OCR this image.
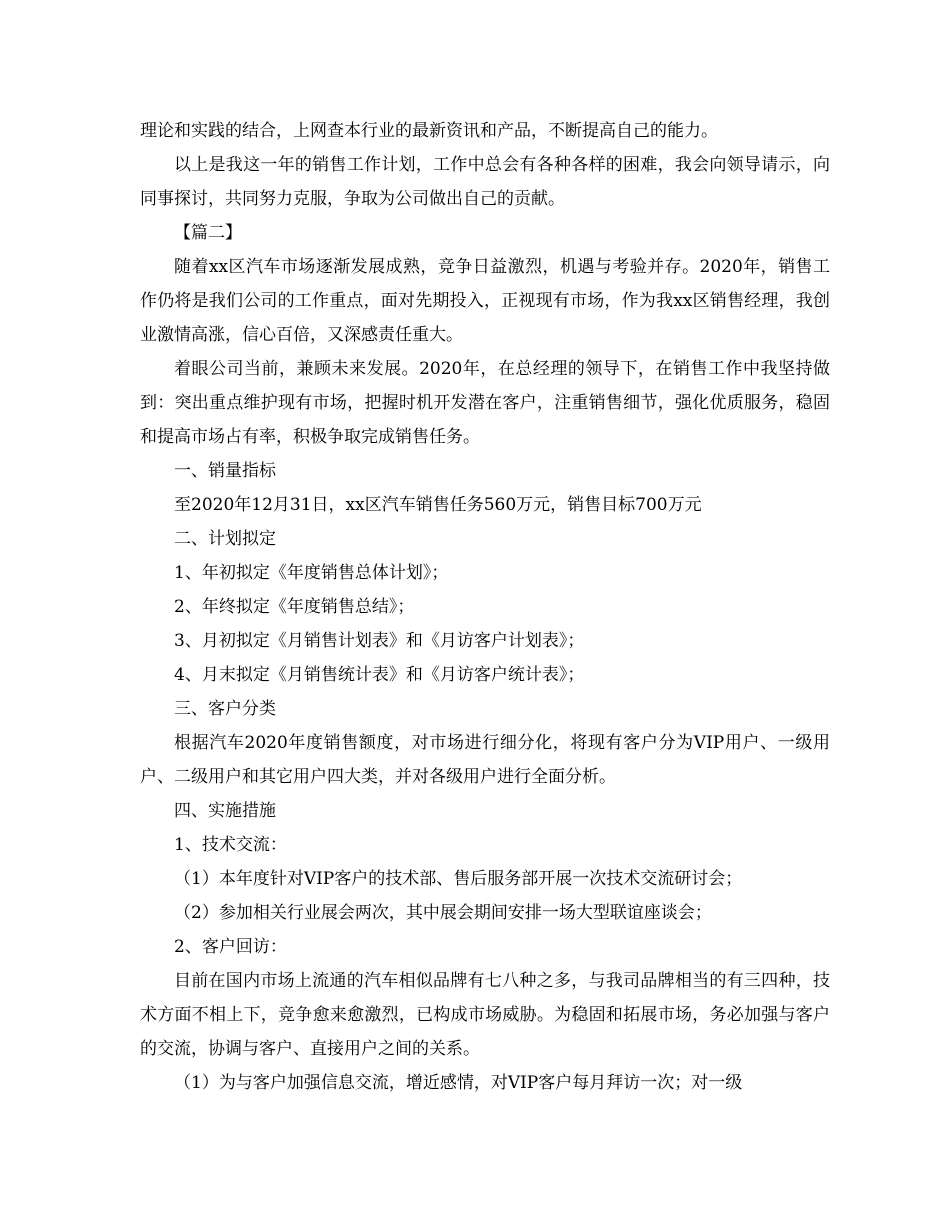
理论和实践的结合，上网查本行业的最新资讯和产品，不断提高自己的能力。

以上是我这一年的销售工作计划，工作中总会有各种各样的困难，我会向领导请示，向同事探讨，共同努力克服，争取为公司做出自己的贡献。

【篇二】

随着xx区汽车市场逐渐发展成熟，竞争日益激烈，机遇与考验并存。2020年，销售工作仍将是我们公司的工作重点，面对先期投入，正视现有市场，作为我xx区销售经理，我创业激情高涨，信心百倍，又深感责任重大。

着眼公司当前，兼顾未来发展。2020年，在总经理的领导下，在销售工作中我坚持做到：突出重点维护现有市场，把握时机开发潜在客户，注重销售细节，强化优质服务，稳固和提高市场占有率，积极争取完成销售任务。

一、销量指标

至2020年12月31日，xx区汽车销售任务560万元，销售目标700万元

二、计划拟定

1、年初拟定《年度销售总体计划》；

2、年终拟定《年度销售总结》；

3、月初拟定《月销售计划表》和《月访客户计划表》；

4、月末拟定《月销售统计表》和《月访客户统计表》；

三、客户分类

根据汽车2020年度销售额度，对市场进行细分化，将现有客户分为VIP用户、一级用户、二级用户和其它用户四大类，并对各级用户进行全面分析。

四、实施措施

1、技术交流：

（1）本年度针对VIP客户的技术部、售后服务部开展一次技术交流研讨会；

（2）参加相关行业展会两次，其中展会期间安排一场大型联谊座谈会；

2、客户回访：

目前在国内市场上流通的汽车相似品牌有七八种之多，与我司品牌相当的有三四种，技术方面不相上下，竞争愈来愈激烈，已构成市场威胁。为稳固和拓展市场，务必加强与客户的交流，协调与客户、直接用户之间的关系。

（1）为与客户加强信息交流，增近感情，对VIP客户每月拜访一次；对一级
